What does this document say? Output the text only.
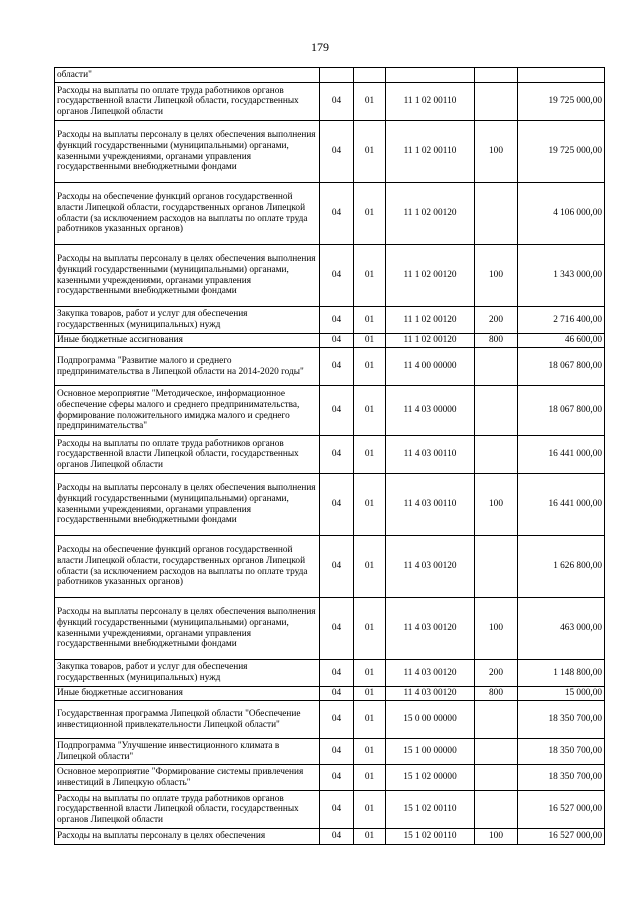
179
области"					
Расходы на выплаты по оплате труда работников органов государственной власти Липецкой области, государственных органов Липецкой области	04	01	11 1 02 00110		19 725 000,00
Расходы на выплаты персоналу в целях обеспечения выполнения функций государственными (муниципальными) органами, казенными учреждениями, органами управления государственными внебюджетными фондами	04	01	11 1 02 00110	100	19 725 000,00
Расходы на обеспечение функций органов государственной власти Липецкой области, государственных органов Липецкой области (за исключением расходов на выплаты по оплате труда работников указанных органов)	04	01	11 1 02 00120		4 106 000,00
Расходы на выплаты персоналу в целях обеспечения выполнения функций государственными (муниципальными) органами, казенными учреждениями, органами управления государственными внебюджетными фондами	04	01	11 1 02 00120	100	1 343 000,00
Закупка товаров, работ и услуг для обеспечения государственных (муниципальных) нужд	04	01	11 1 02 00120	200	2 716 400,00
Иные бюджетные ассигнования	04	01	11 1 02 00120	800	46 600,00
Подпрограмма "Развитие малого и среднего предпринимательства в Липецкой области на 2014-2020 годы"	04	01	11 4 00 00000		18 067 800,00
Основное мероприятие "Методическое, информационное обеспечение сферы малого и среднего предпринимательства, формирование положительного имиджа малого и среднего предпринимательства"	04	01	11 4 03 00000		18 067 800,00
Расходы на выплаты по оплате труда работников органов государственной власти Липецкой области, государственных органов Липецкой области	04	01	11 4 03 00110		16 441 000,00
Расходы на выплаты персоналу в целях обеспечения выполнения функций государственными (муниципальными) органами, казенными учреждениями, органами управления государственными внебюджетными фондами	04	01	11 4 03 00110	100	16 441 000,00
Расходы на обеспечение функций органов государственной власти Липецкой области, государственных органов Липецкой области (за исключением расходов на выплаты по оплате труда работников указанных органов)	04	01	11 4 03 00120		1 626 800,00
Расходы на выплаты персоналу в целях обеспечения выполнения функций государственными (муниципальными) органами, казенными учреждениями, органами управления государственными внебюджетными фондами	04	01	11 4 03 00120	100	463 000,00
Закупка товаров, работ и услуг для обеспечения государственных (муниципальных) нужд	04	01	11 4 03 00120	200	1 148 800,00
Иные бюджетные ассигнования	04	01	11 4 03 00120	800	15 000,00
Государственная программа Липецкой области "Обеспечение инвестиционной привлекательности Липецкой области"	04	01	15 0 00 00000		18 350 700,00
Подпрограмма "Улучшение инвестиционного климата в Липецкой области"	04	01	15 1 00 00000		18 350 700,00
Основное мероприятие "Формирование системы привлечения инвестиций в Липецкую область"	04	01	15 1 02 00000		18 350 700,00
Расходы на выплаты по оплате труда работников органов государственной власти Липецкой области, государственных органов Липецкой области	04	01	15 1 02 00110		16 527 000,00
Расходы на выплаты персоналу в целях обеспечения	04	01	15 1 02 00110	100	16 527 000,00
